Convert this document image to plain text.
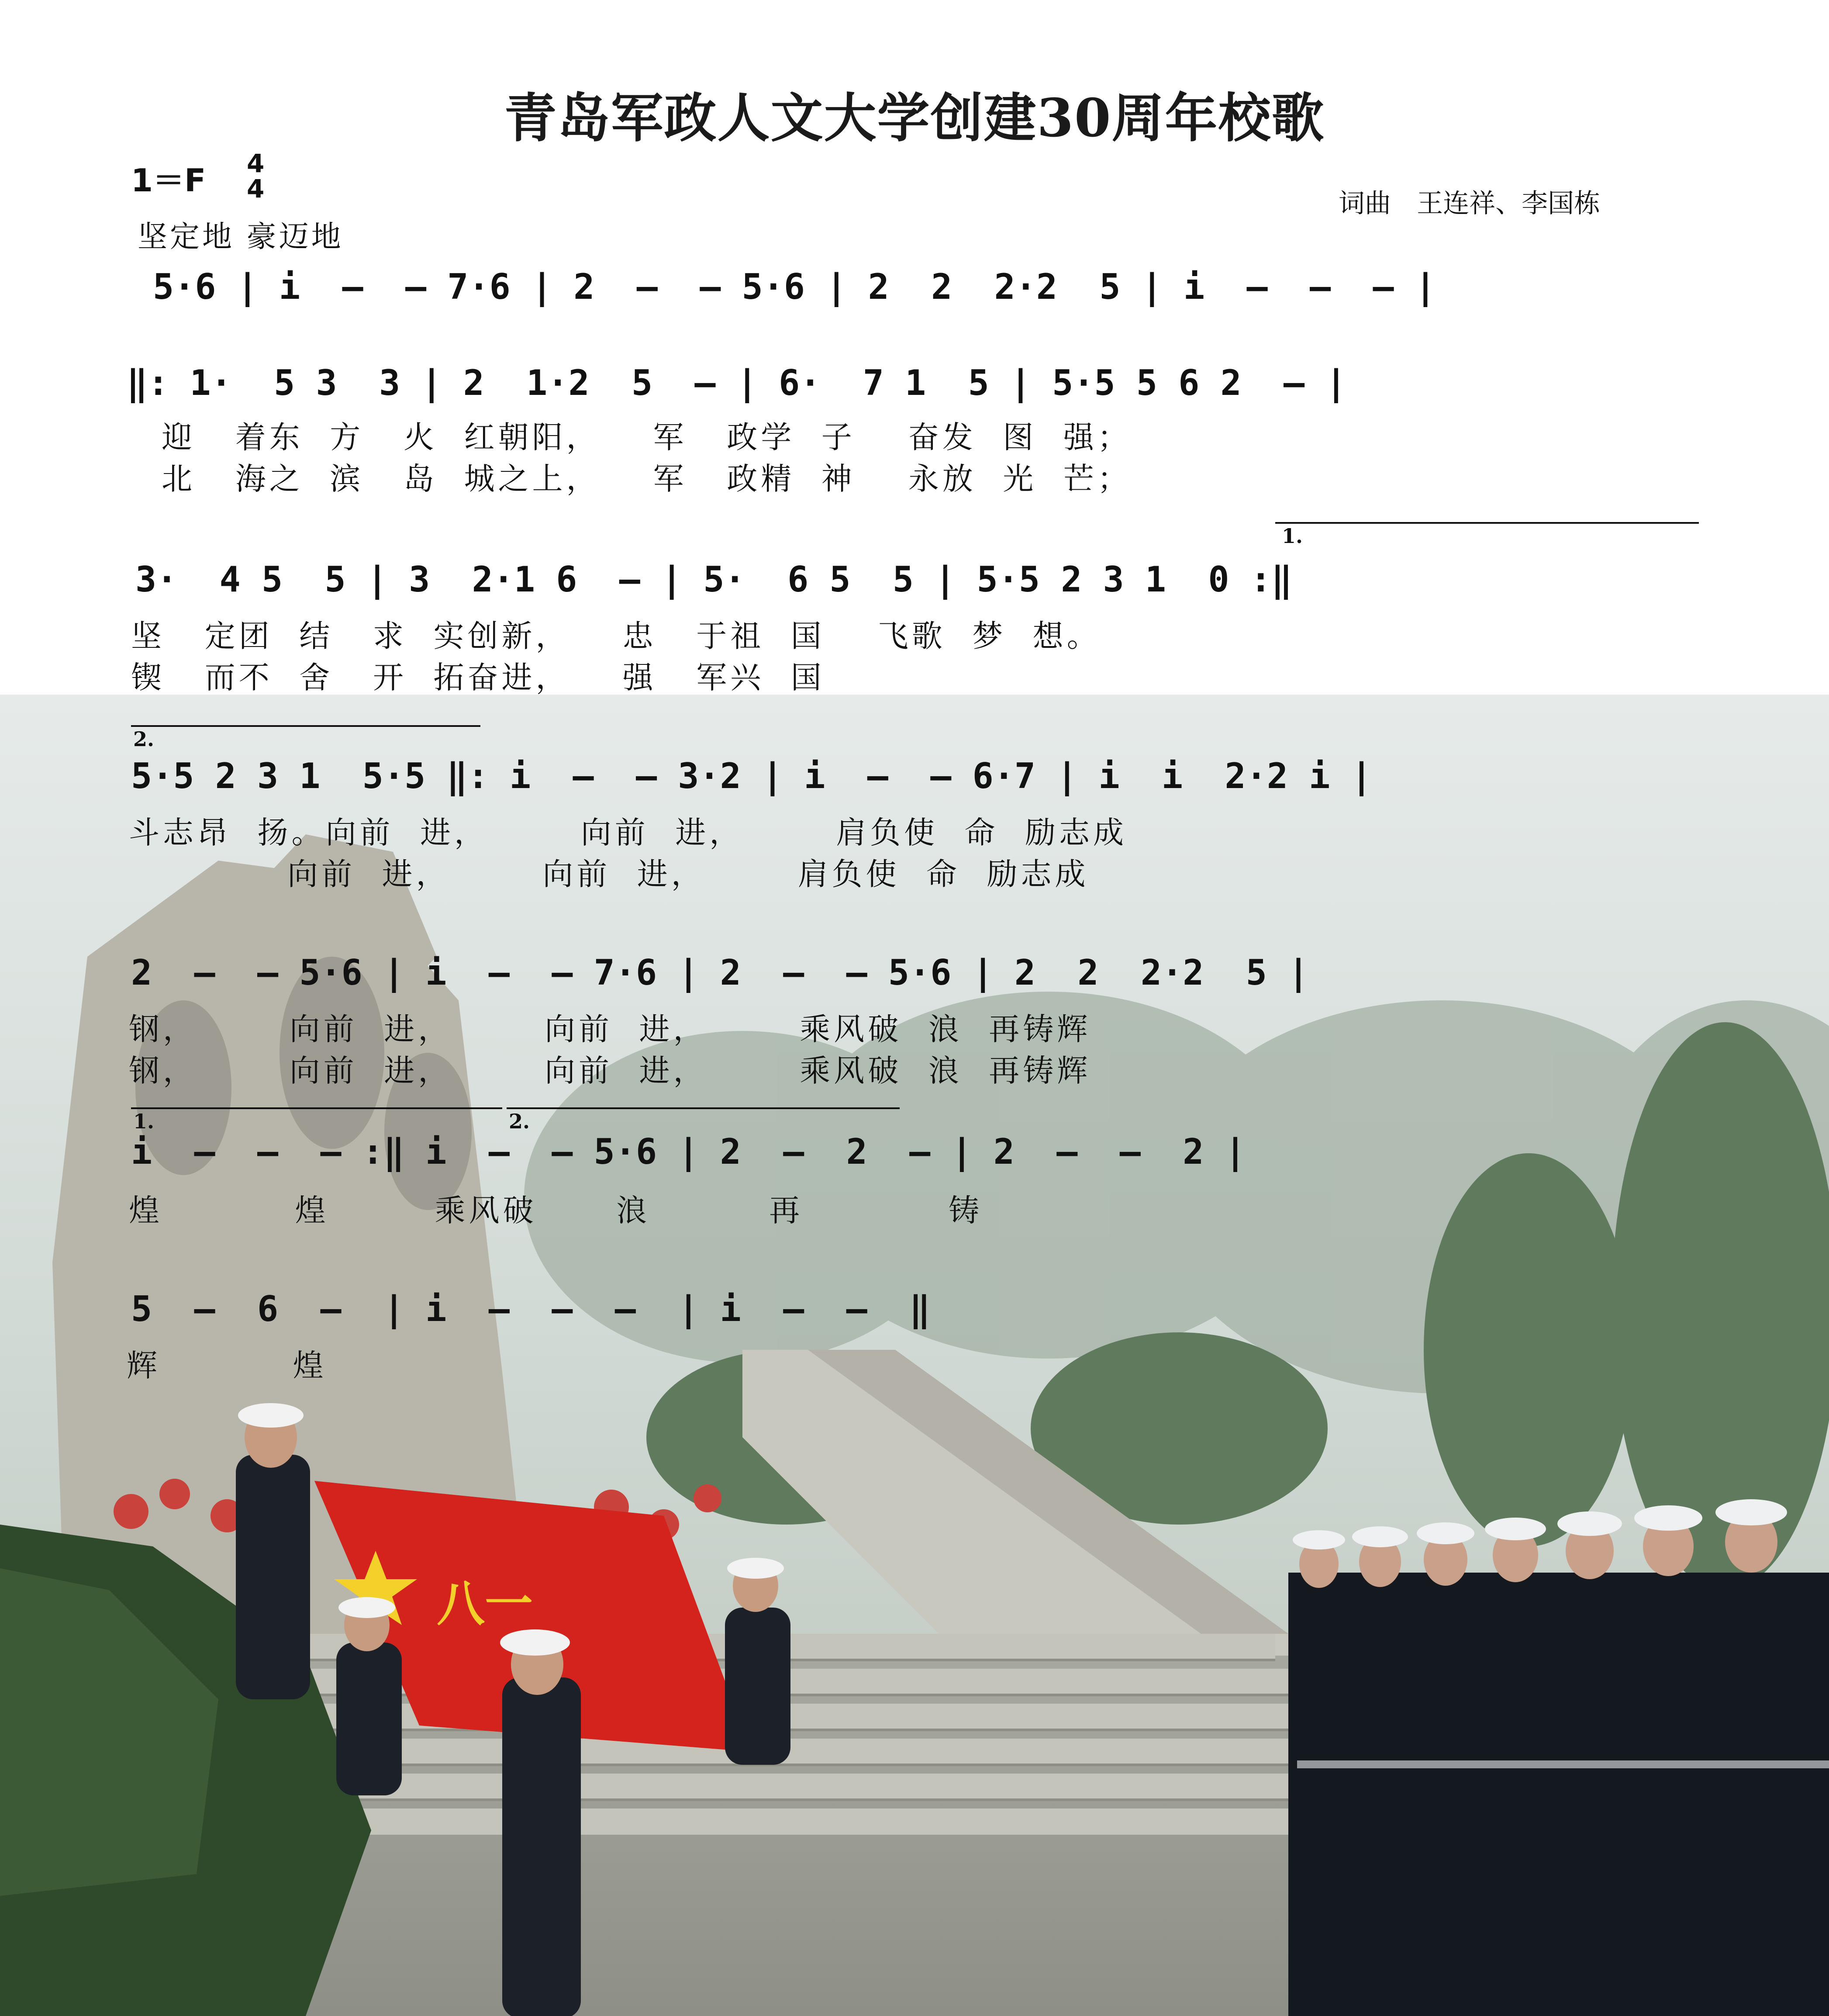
八一
青岛军政人文大学创建30周年校歌
1＝F 4
4
坚定地 豪迈地
词曲 王连祥、李国栋
5·6 | i  –  – 7·6 | 2  –  – 5·6 | 2  2  2·2  5 | i  –  –  – |
‖: 1·  5 3  3 | 2  1·2  5  – | 6·  7 1  5 | 5·5 5 6 2  – |
迎   着东  方   火  红朝阳，    军   政学  子    奋发  图  强；
北   海之  滨   岛  城之上，    军   政精  神    永放  光  芒；
1.
3·  4 5  5 | 3  2·1 6  – | 5·  6 5  5 | 5·5 2 3 1  0 :‖
坚   定团  结   求  实创新，    忠   于祖  国    飞歌  梦  想。
锲   而不  舍   开  拓奋进，    强   军兴  国
2.
5·5 2 3 1  5·5 ‖: i  –  – 3·2 | i  –  – 6·7 | i  i  2·2 i |
斗志昂  扬。向前  进，       向前  进，       肩负使  命  励志成
向前  进，       向前  进，       肩负使  命  励志成
2  –  – 5·6 | i  –  – 7·6 | 2  –  – 5·6 | 2  2  2·2  5 |
钢，       向前  进，       向前  进，       乘风破  浪  再铸辉
钢，       向前  进，       向前  进，       乘风破  浪  再铸辉
1.	2.
i  –  –  – :‖ i  –  – 5·6 | 2  –  2  – | 2  –  –  2 |
煌          煌        乘风破      浪         再           铸
5  –  6  –  | i  –  –  –  | i  –  –  ‖
辉          煌
